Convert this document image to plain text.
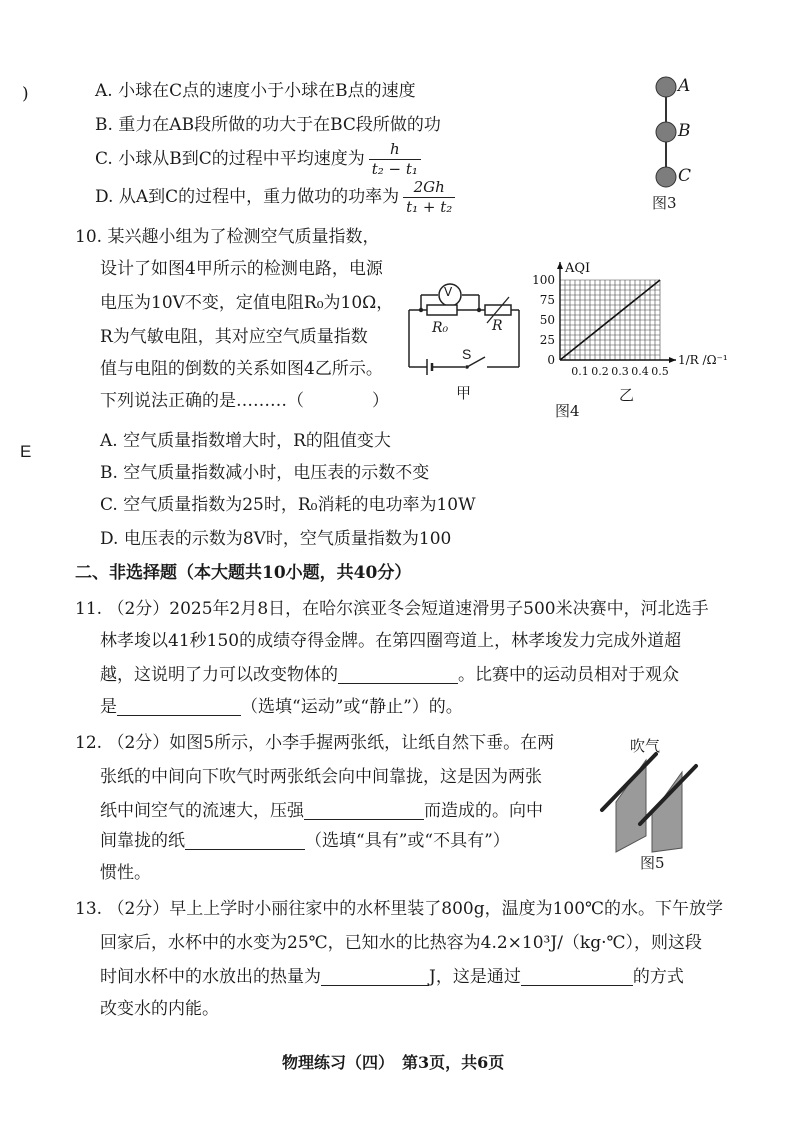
)
E
A. 小球在C点的速度小于小球在B点的速度
B. 重力在AB段所做的功大于在BC段所做的功
C. 小球从B到C的过程中平均速度为 $\frac{h}{\text{t₂ − t₁}}$
D. 从A到C的过程中，重力做功的功率为 $\frac{2Gh}{\text{t₁ + t₂}}$
A
B
C
图3
10. 某兴趣小组为了检测空气质量指数，
设计了如图4甲所示的检测电路，电源
电压为10V不变，定值电阻R₀为10Ω，
R为气敏电阻，其对应空气质量指数
值与电阻的倒数的关系如图4乙所示。
下列说法正确的是………（　　　　）
A. 空气质量指数增大时，R的阻值变大
B. 空气质量指数减小时，电压表的示数不变
C. 空气质量指数为25时，R₀消耗的电功率为10W
D. 电压表的示数为8V时，空气质量指数为100
V
R₀	R
S
甲
0
25
50
75
100
0.1 0.2 0.3 0.4 0.5
AQI
1/R /Ω⁻¹
乙
图4
二、非选择题（本大题共10小题，共40分）
11. （2分）2025年2月8日，在哈尔滨亚冬会短道速滑男子500米决赛中，河北选手
林孝埈以41秒150的成绩夺得金牌。在第四圈弯道上，林孝埈发力完成外道超
越，这说明了力可以改变物体的	。比赛中的运动员相对于观众
是	（选填“运动”或“静止”）的。
12. （2分）如图5所示，小李手握两张纸，让纸自然下垂。在两
张纸的中间向下吹气时两张纸会向中间靠拢，这是因为两张
纸中间空气的流速大，压强	而造成的。向中
间靠拢的纸	（选填“具有”或“不具有”）
惯性。
吹气
图5
13. （2分）早上上学时小丽往家中的水杯里装了800g，温度为100℃的水。下午放学
回家后，水杯中的水变为25℃，已知水的比热容为4.2×10³J/（kg·℃），则这段
时间水杯中的水放出的热量为	J，这是通过	的方式
改变水的内能。
物理练习（四）　第3页，共6页
